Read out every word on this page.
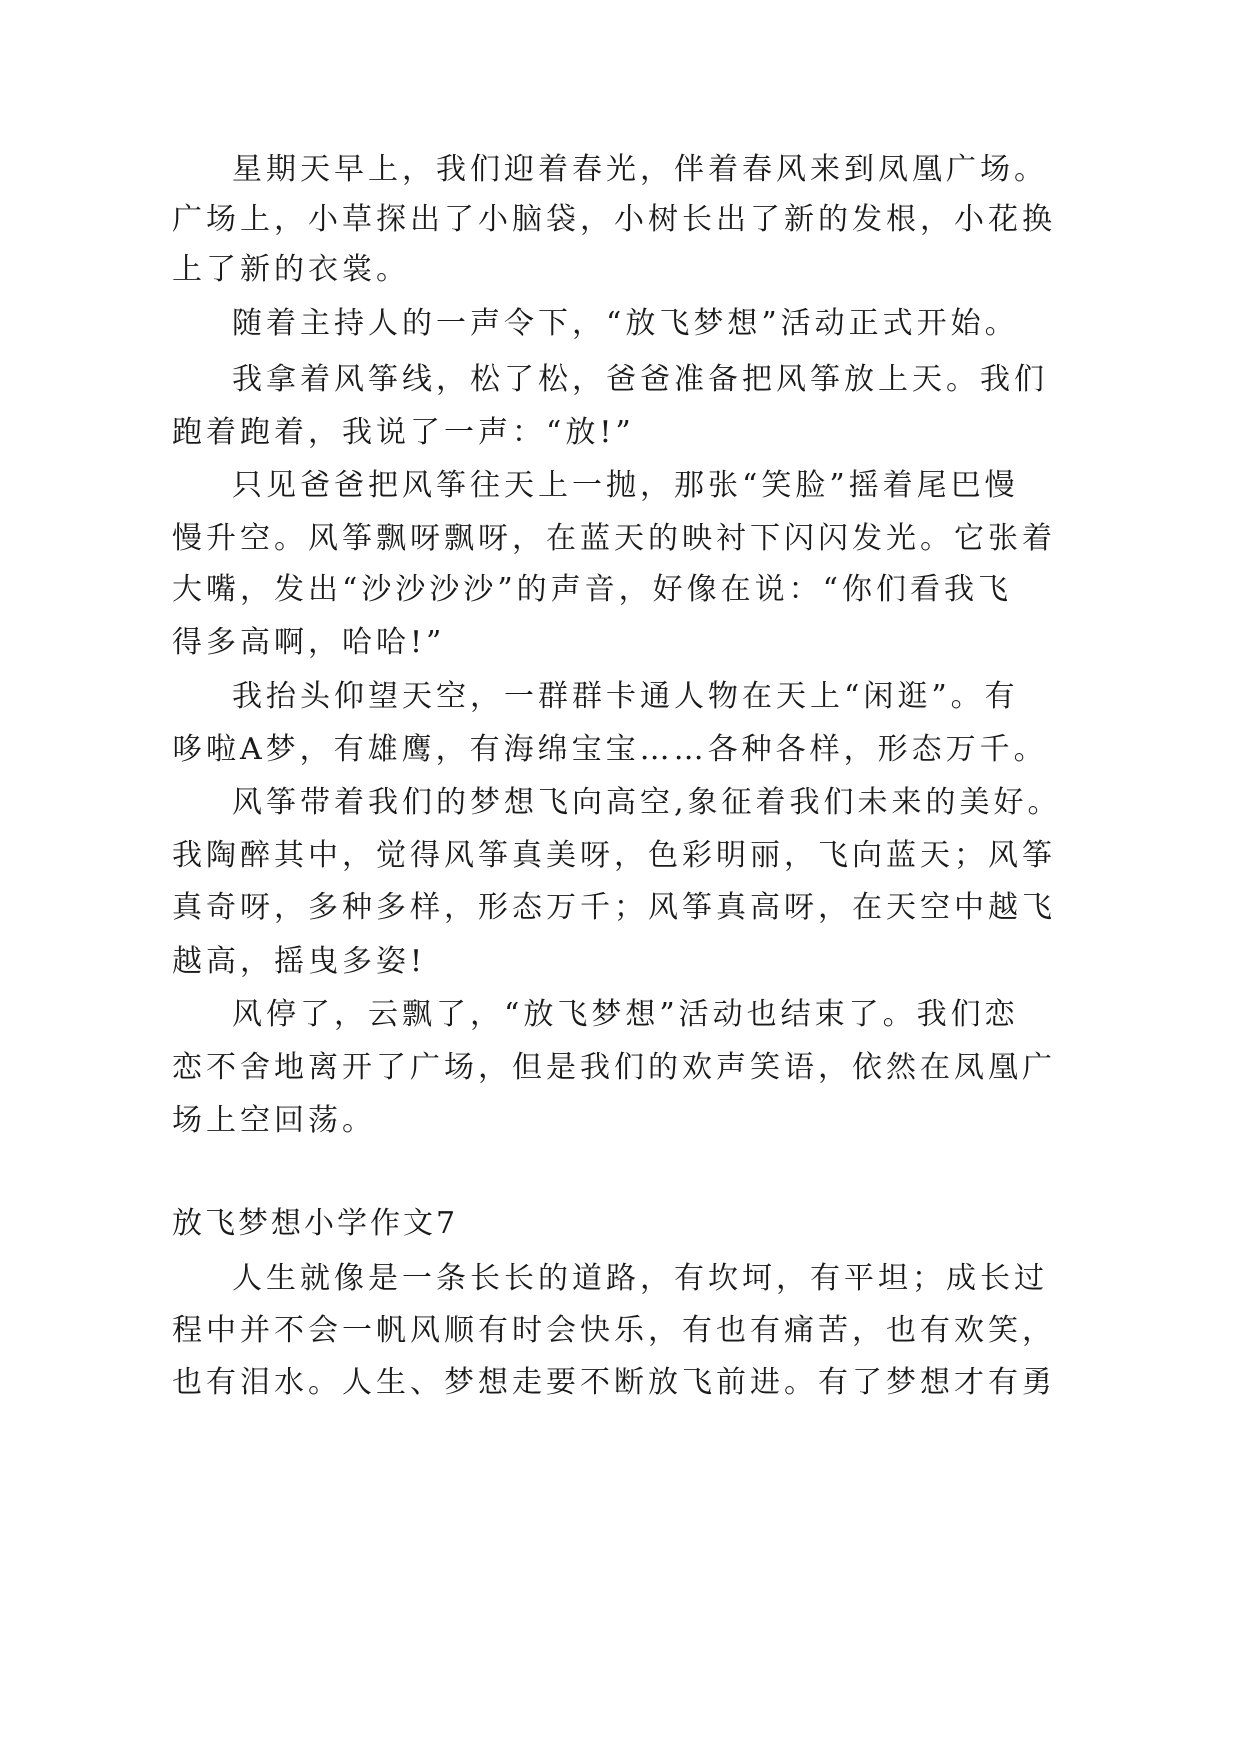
星期天早上，我们迎着春光，伴着春风来到凤凰广场。
广场上，小草探出了小脑袋，小树长出了新的发根，小花换
上了新的衣裳。
随着主持人的一声令下，“放飞梦想”活动正式开始。
我拿着风筝线，松了松，爸爸准备把风筝放上天。我们
跑着跑着，我说了一声：“放!”
只见爸爸把风筝往天上一抛，那张“笑脸”摇着尾巴慢
慢升空。风筝飘呀飘呀，在蓝天的映衬下闪闪发光。它张着
大嘴，发出“沙沙沙沙”的声音，好像在说：“你们看我飞
得多高啊，哈哈!”
我抬头仰望天空，一群群卡通人物在天上“闲逛”。有
哆啦A梦，有雄鹰，有海绵宝宝……各种各样，形态万千。
风筝带着我们的梦想飞向高空,象征着我们未来的美好。
我陶醉其中，觉得风筝真美呀，色彩明丽，飞向蓝天；风筝
真奇呀，多种多样，形态万千；风筝真高呀，在天空中越飞
越高，摇曳多姿!
风停了，云飘了，“放飞梦想”活动也结束了。我们恋
恋不舍地离开了广场，但是我们的欢声笑语，依然在凤凰广
场上空回荡。
放飞梦想小学作文7
人生就像是一条长长的道路，有坎坷，有平坦；成长过
程中并不会一帆风顺有时会快乐，有也有痛苦，也有欢笑，
也有泪水。人生、梦想走要不断放飞前进。有了梦想才有勇
